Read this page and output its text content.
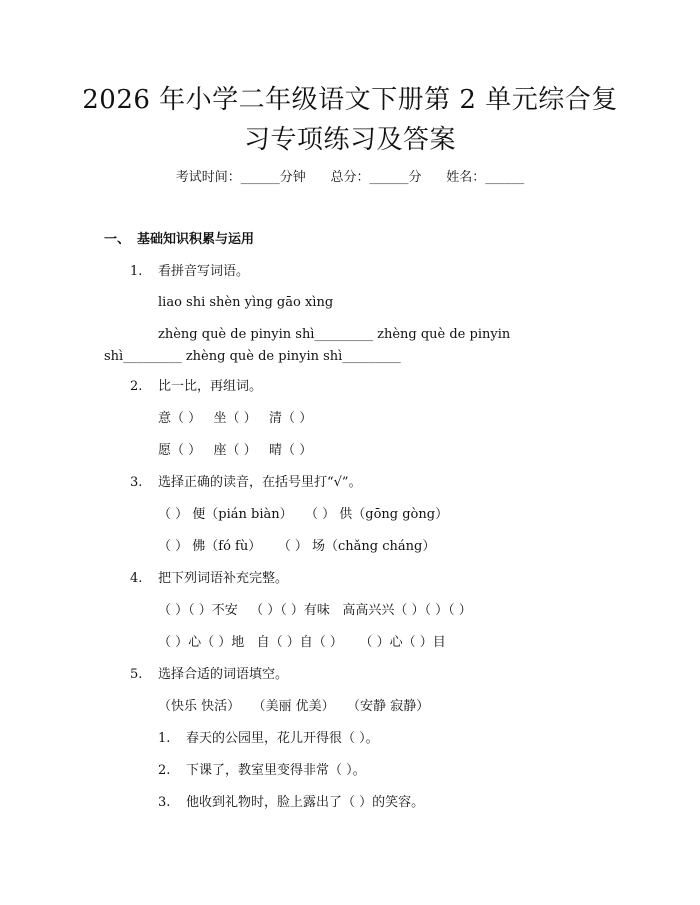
2026 年小学二年级语文下册第 2 单元综合复
习专项练习及答案
考试时间：______分钟      总分：______分      姓名：______
一、 基础知识积累与运用
1. 看拼音写词语。
liao shi shèn yìng gāo xìng
zhèng què de pinyin shì_________ zhèng què de pinyin
shì_________ zhèng què de pinyin shì_________
2. 比一比，再组词。
意（ ）   坐（ ）   清（ ）
愿（ ）   座（ ）   晴（ ）
3. 选择正确的读音，在括号里打“√”。
（ ） 便（pián biàn）   （ ） 供（gōng gòng）
（ ） 佛（fó fù）    （ ） 场（chǎng cháng）
4. 把下列词语补充完整。
（ ）（ ）不安   （ ）（ ）有味   高高兴兴（ ）（ ）（ ）
（ ）心（ ）地   自（ ）自（ ）    （ ）心（ ）目
5. 选择合适的词语填空。
（快乐 快活）   （美丽 优美）   （安静 寂静）
1. 春天的公园里，花儿开得很（ ）。
2. 下课了，教室里变得非常（ ）。
3. 他收到礼物时，脸上露出了（ ）的笑容。
